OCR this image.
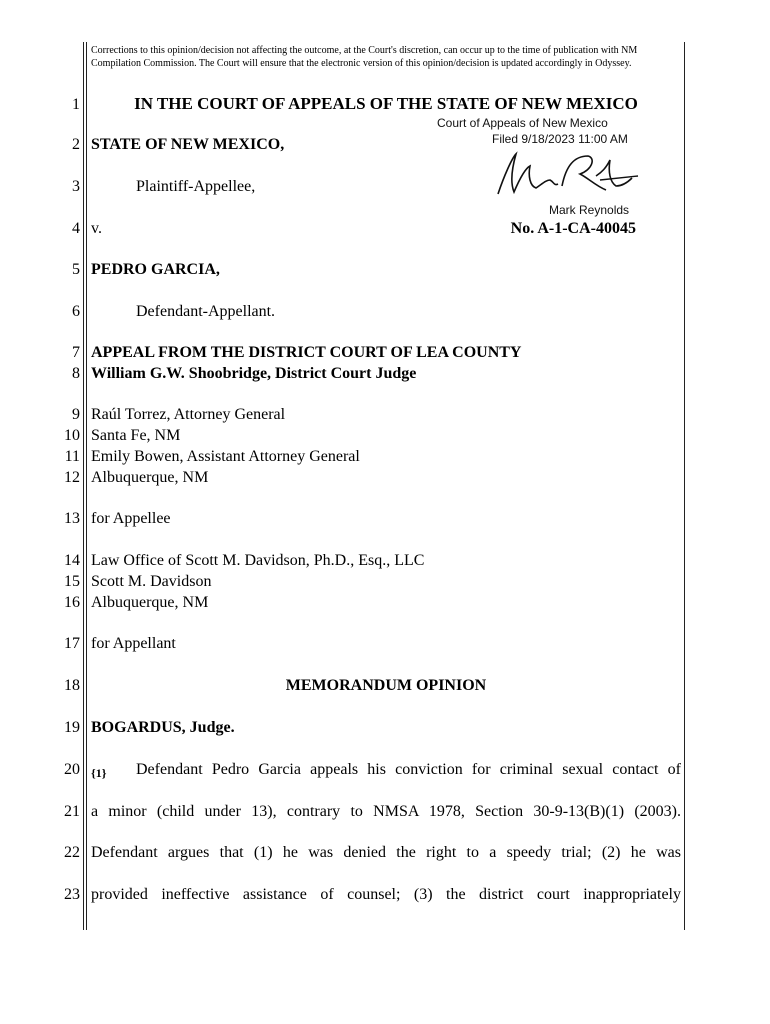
Corrections to this opinion/decision not affecting the outcome, at the Court's discretion, can occur up to the time of publication with NM Compilation Commission. The Court will ensure that the electronic version of this opinion/decision is updated accordingly in Odyssey.
1	IN THE COURT OF APPEALS OF THE STATE OF NEW MEXICO
Court of Appeals of New Mexico
Filed 9/18/2023 11:00 AM
Mark Reynolds
2 STATE OF NEW MEXICO,
3	Plaintiff-Appellee,
4 v.	No. A-1-CA-40045
5 PEDRO GARCIA,
6	Defendant-Appellant.
7 APPEAL FROM THE DISTRICT COURT OF LEA COUNTY
8 William G.W. Shoobridge, District Court Judge
9 Raúl Torrez, Attorney General
10 Santa Fe, NM
11 Emily Bowen, Assistant Attorney General
12 Albuquerque, NM
13 for Appellee
14 Law Office of Scott M. Davidson, Ph.D., Esq., LLC
15 Scott M. Davidson
16 Albuquerque, NM
17 for Appellant
18	MEMORANDUM OPINION
19 BOGARDUS, Judge.
20 {1}	Defendant Pedro Garcia appeals his conviction for criminal sexual contact of
21 a minor (child under 13), contrary to NMSA 1978, Section 30-9-13(B)(1) (2003).
22 Defendant argues that (1) he was denied the right to a speedy trial; (2) he was
23 provided ineffective assistance of counsel; (3) the district court inappropriately
